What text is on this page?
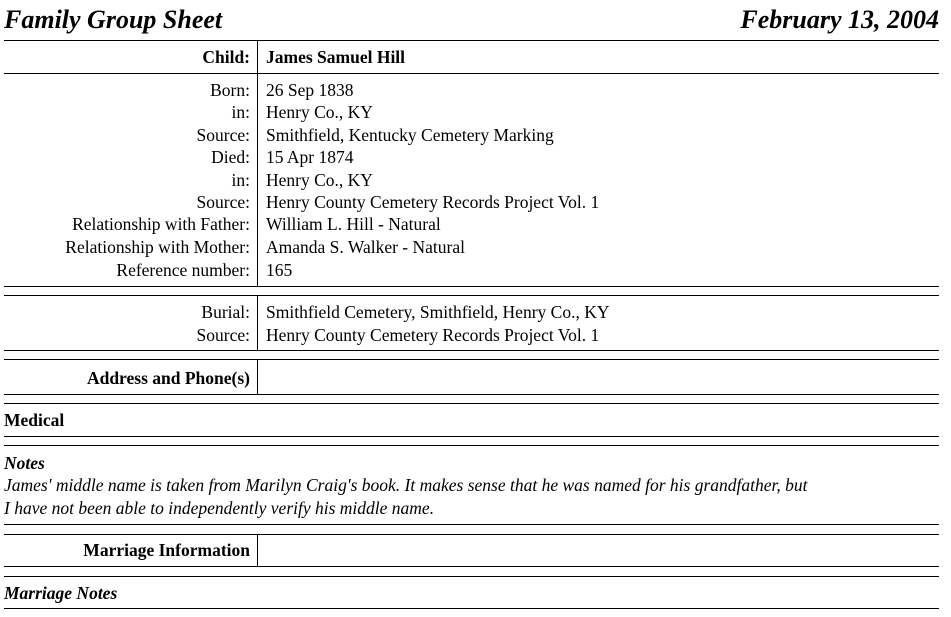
Family Group Sheet	February 13, 2004
Child: James Samuel Hill
Born: 26 Sep 1838
in: Henry Co., KY
Source: Smithfield, Kentucky Cemetery Marking
Died: 15 Apr 1874
in: Henry Co., KY
Source: Henry County Cemetery Records Project Vol. 1
Relationship with Father: William L. Hill - Natural
Relationship with Mother: Amanda S. Walker - Natural
Reference number: 165
Burial: Smithfield Cemetery, Smithfield, Henry Co., KY
Source: Henry County Cemetery Records Project Vol. 1
Address and Phone(s)
Medical
Notes
James' middle name is taken from Marilyn Craig's book. It makes sense that he was named for his grandfather, but
I have not been able to independently verify his middle name.
Marriage Information
Marriage Notes
